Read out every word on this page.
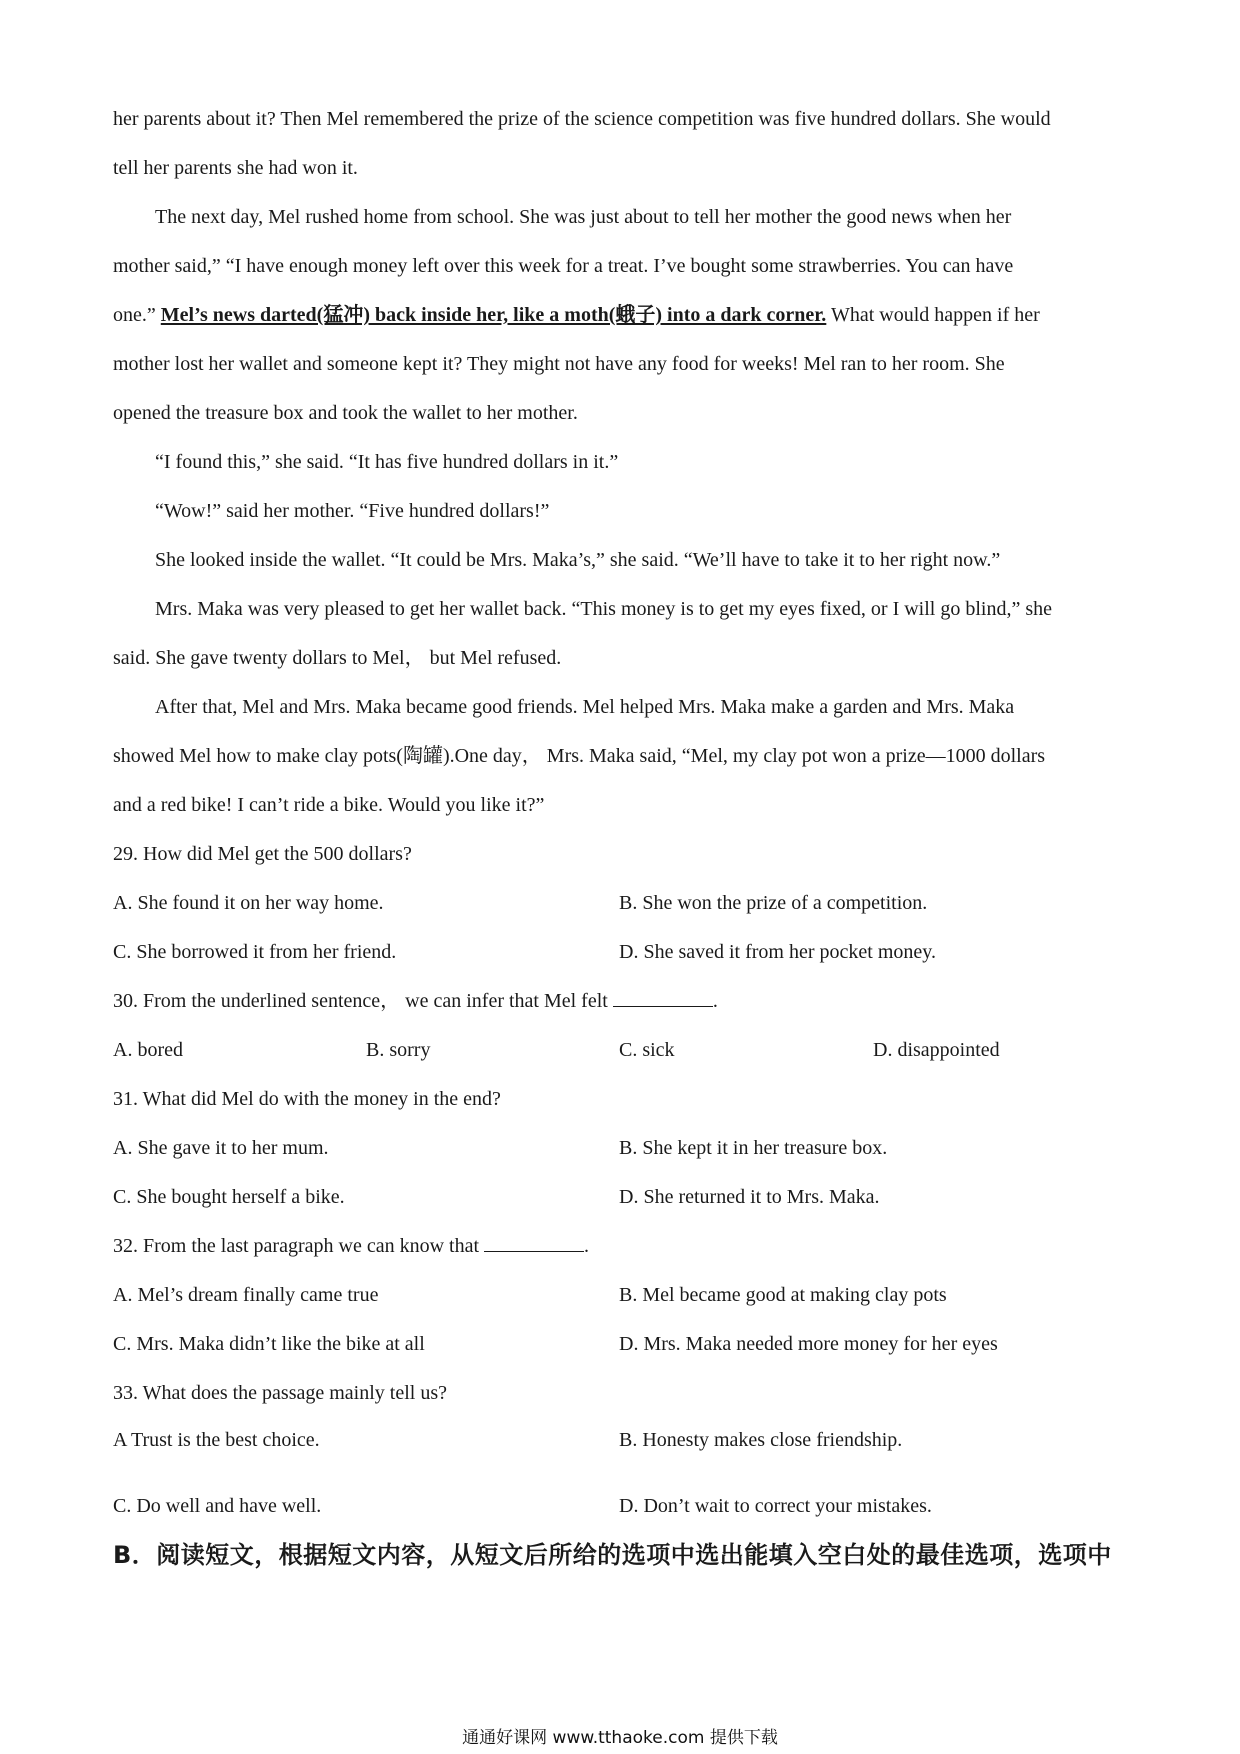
her parents about it? Then Mel remembered the prize of the science competition was five hundred dollars. She would
tell her parents she had won it.
The next day, Mel rushed home from school. She was just about to tell her mother the good news when her
mother said,” “I have enough money left over this week for a treat. I’ve bought some strawberries. You can have
one.” Mel’s news darted(猛冲) back inside her, like a moth(蛾子) into a dark corner. What would happen if her
mother lost her wallet and someone kept it? They might not have any food for weeks! Mel ran to her room. She
opened the treasure box and took the wallet to her mother.
“I found this,” she said. “It has five hundred dollars in it.”
“Wow!” said her mother. “Five hundred dollars!”
She looked inside the wallet. “It could be Mrs. Maka’s,” she said. “We’ll have to take it to her right now.”
Mrs. Maka was very pleased to get her wallet back. “This money is to get my eyes fixed, or I will go blind,” she
said. She gave twenty dollars to Mel， but Mel refused.
After that, Mel and Mrs. Maka became good friends. Mel helped Mrs. Maka make a garden and Mrs. Maka
showed Mel how to make clay pots(陶罐).One day， Mrs. Maka said, “Mel, my clay pot won a prize—1000 dollars
and a red bike! I can’t ride a bike. Would you like it?”
29. How did Mel get the 500 dollars?
A. She found it on her way home.	B. She won the prize of a competition.
C. She borrowed it from her friend.	D. She saved it from her pocket money.
30. From the underlined sentence， we can infer that Mel felt	.
A. bored	B. sorry	C. sick	D. disappointed
31. What did Mel do with the money in the end?
A. She gave it to her mum.	B. She kept it in her treasure box.
C. She bought herself a bike.	D. She returned it to Mrs. Maka.
32. From the last paragraph we can know that	.
A. Mel’s dream finally came true	B. Mel became good at making clay pots
C. Mrs. Maka didn’t like the bike at all	D. Mrs. Maka needed more money for her eyes
33. What does the passage mainly tell us?
A Trust is the best choice.	B. Honesty makes close friendship.
C. Do well and have well.	D. Don’t wait to correct your mistakes.
B．阅读短文，根据短文内容，从短文后所给的选项中选出能填入空白处的最佳选项，选项中
通通好课网 www.tthaoke.com 提供下载
